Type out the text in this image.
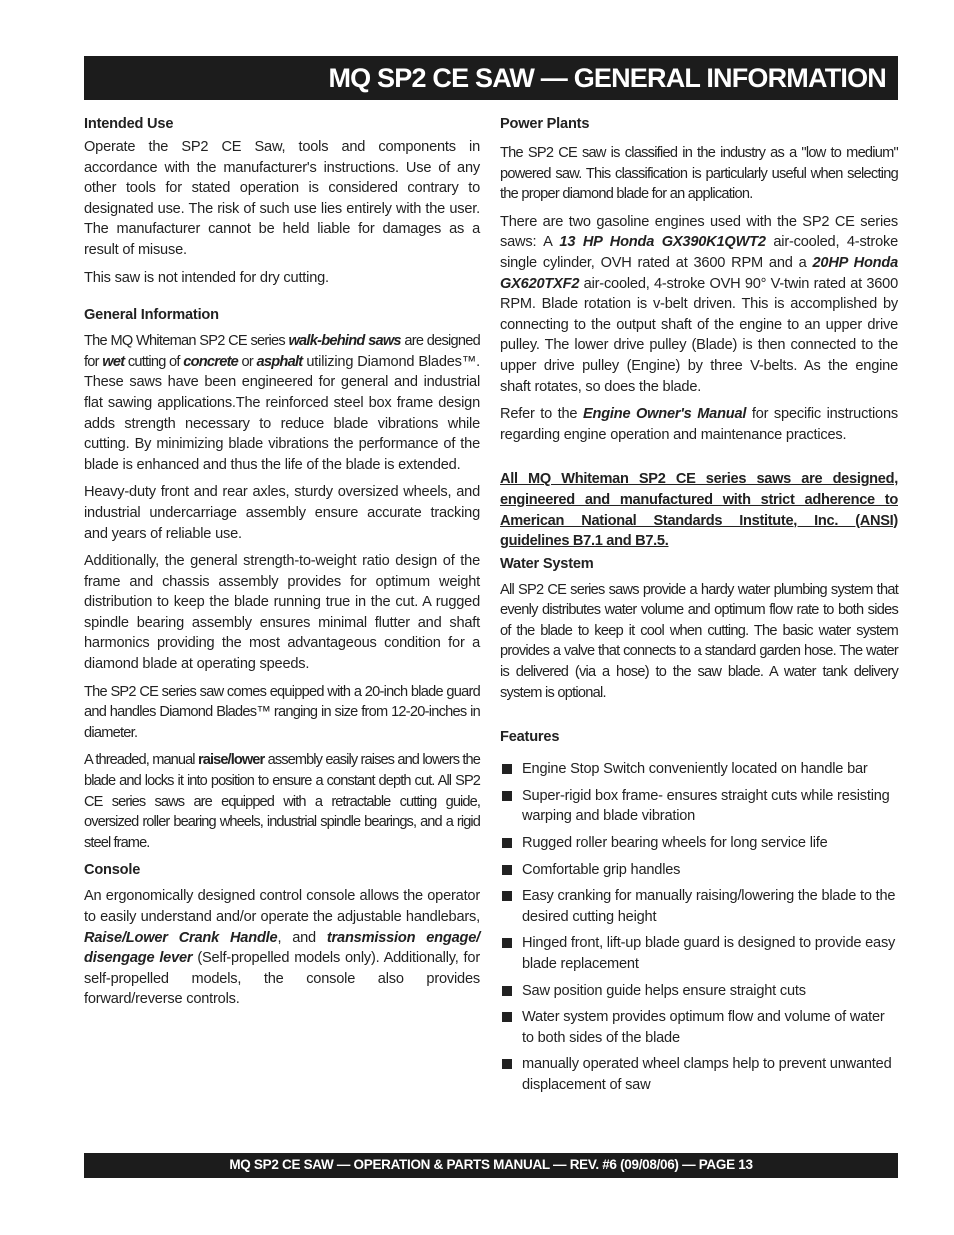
MQ SP2 CE SAW — GENERAL INFORMATION
Intended Use

Operate the SP2 CE Saw, tools and components in accordance with the manufacturer's instructions. Use of any other tools for stated operation is considered contrary to designated use. The risk of such use lies entirely with the user. The manufacturer cannot be held liable for damages as a result of misuse.

This saw is not intended for dry cutting.

General Information

The MQ Whiteman SP2 CE series walk-behind saws are designed for wet cutting of concrete or asphalt utilizing Diamond Blades™. These saws have been engineered for general and industrial flat sawing applications.The reinforced steel box frame design adds strength necessary to reduce blade vibrations while cutting. By minimizing blade vibrations the performance of the blade is enhanced and thus the life of the blade is extended.

Heavy-duty front and rear axles, sturdy oversized wheels, and industrial undercarriage assembly ensure accurate tracking and years of reliable use.

Additionally, the general strength-to-weight ratio design of the frame and chassis assembly provides for optimum weight distribution to keep the blade running true in the cut. A rugged spindle bearing assembly ensures minimal flutter and shaft harmonics providing the most advantageous condition for a diamond blade at operating speeds.

The SP2 CE series saw comes equipped with a 20-inch blade guard and handles Diamond Blades™ ranging in size from 12-20-inches in diameter.

A threaded, manual raise/lower assembly easily raises and lowers the blade and locks it into position to ensure a constant depth cut. All SP2 CE series saws are equipped with a retractable cutting guide, oversized roller bearing wheels, industrial spindle bearings, and a rigid steel frame.

Console

An ergonomically designed control console allows the operator to easily understand and/or operate the adjustable handlebars, Raise/Lower Crank Handle, and transmission engage/ disengage lever (Self-propelled models only). Additionally, for self-propelled models, the console also provides forward/reverse controls.

Power Plants

The SP2 CE saw is classified in the industry as a "low to medium" powered saw. This classification is particularly useful when selecting the proper diamond blade for an application.

There are two gasoline engines used with the SP2 CE series saws: A 13 HP Honda GX390K1QWT2 air-cooled, 4-stroke single cylinder, OVH rated at 3600 RPM and a 20HP Honda GX620TXF2 air-cooled, 4-stroke OVH 90° V-twin rated at 3600 RPM. Blade rotation is v-belt driven. This is accomplished by connecting to the output shaft of the engine to an upper drive pulley. The lower drive pulley (Blade) is then connected to the upper drive pulley (Engine) by three V-belts. As the engine shaft rotates, so does the blade.

Refer to the Engine Owner's Manual for specific instructions regarding engine operation and maintenance practices.

All MQ Whiteman SP2 CE series saws are designed, engineered and manufactured with strict adherence to American National Standards Institute, Inc. (ANSI) guidelines B7.1 and B7.5.

Water System

All SP2 CE series saws provide a hardy water plumbing system that evenly distributes water volume and optimum flow rate to both sides of the blade to keep it cool when cutting. The basic water system provides a valve that connects to a standard garden hose. The water is delivered (via a hose) to the saw blade. A water tank delivery system is optional.

Features
Engine Stop Switch conveniently located on handle bar
Super-rigid box frame- ensures straight cuts while resisting warping and blade vibration
Rugged roller bearing wheels for long service life
Comfortable grip handles
Easy cranking for manually raising/lowering the blade to the desired cutting height
Hinged front, lift-up blade guard is designed to provide easy blade replacement
Saw position guide helps ensure straight cuts
Water system provides optimum flow and volume of water to both sides of the blade
manually operated wheel clamps help to prevent unwanted displacement of saw
MQ SP2 CE SAW — OPERATION & PARTS MANUAL — REV. #6 (09/08/06) — PAGE 13
